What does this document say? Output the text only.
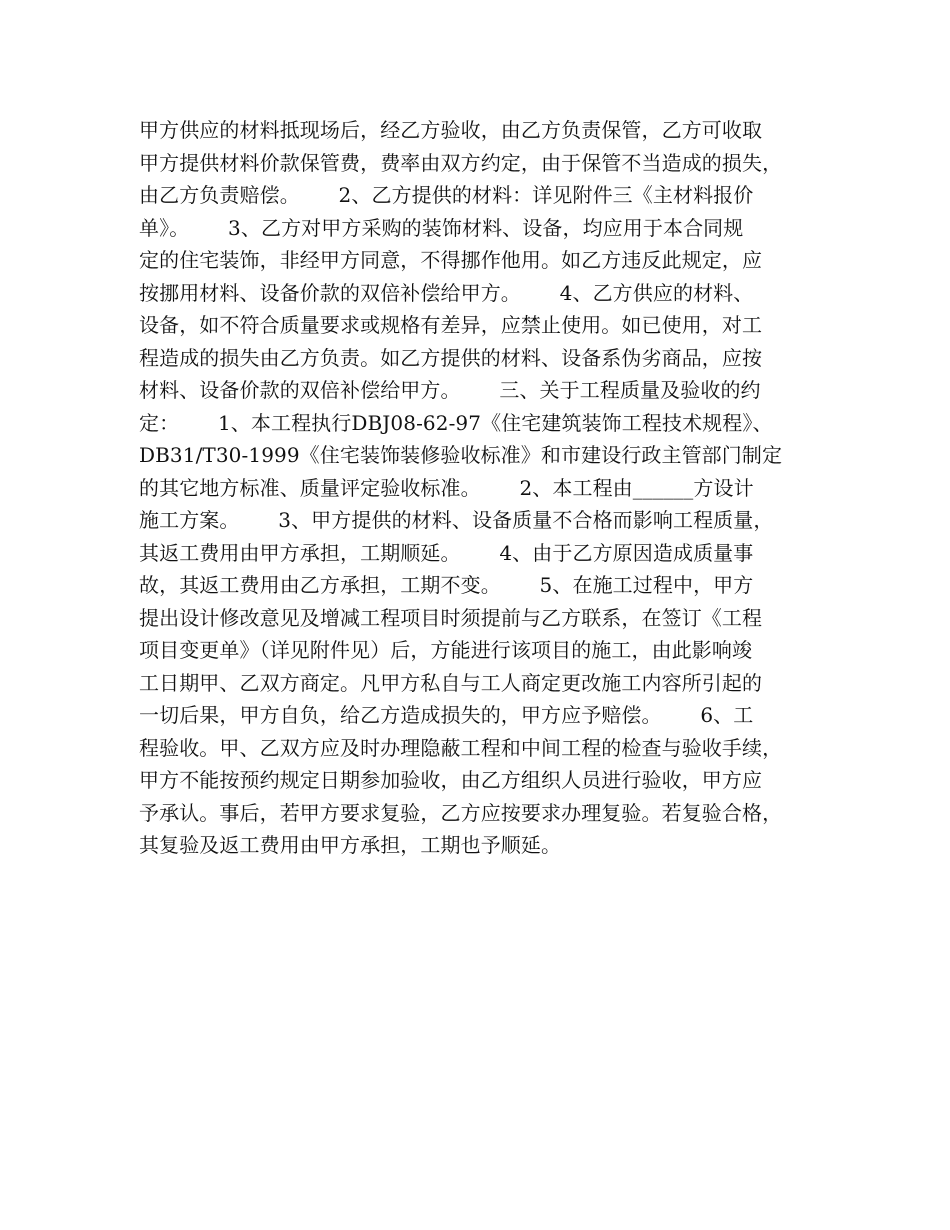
甲方供应的材料抵现场后，经乙方验收，由乙方负责保管，乙方可收取
甲方提供材料价款保管费，费率由双方约定，由于保管不当造成的损失，
由乙方负责赔偿。      2、乙方提供的材料：详见附件三《主材料报价
单》。      3、乙方对甲方采购的装饰材料、设备，均应用于本合同规
定的住宅装饰，非经甲方同意，不得挪作他用。如乙方违反此规定，应
按挪用材料、设备价款的双倍补偿给甲方。      4、乙方供应的材料、
设备，如不符合质量要求或规格有差异，应禁止使用。如已使用，对工
程造成的损失由乙方负责。如乙方提供的材料、设备系伪劣商品，应按
材料、设备价款的双倍补偿给甲方。      三、关于工程质量及验收的约
定：      1、本工程执行DBJ08-62-97《住宅建筑装饰工程技术规程》、
DB31/T30-1999《住宅装饰装修验收标准》和市建设行政主管部门制定
的其它地方标准、质量评定验收标准。      2、本工程由______方设计
施工方案。      3、甲方提供的材料、设备质量不合格而影响工程质量，
其返工费用由甲方承担，工期顺延。      4、由于乙方原因造成质量事
故，其返工费用由乙方承担，工期不变。      5、在施工过程中，甲方
提出设计修改意见及增减工程项目时须提前与乙方联系，在签订《工程
项目变更单》（详见附件见）后，方能进行该项目的施工，由此影响竣
工日期甲、乙双方商定。凡甲方私自与工人商定更改施工内容所引起的
一切后果，甲方自负，给乙方造成损失的，甲方应予赔偿。      6、工
程验收。甲、乙双方应及时办理隐蔽工程和中间工程的检查与验收手续，
甲方不能按预约规定日期参加验收，由乙方组织人员进行验收，甲方应
予承认。事后，若甲方要求复验，乙方应按要求办理复验。若复验合格，
其复验及返工费用由甲方承担，工期也予顺延。
